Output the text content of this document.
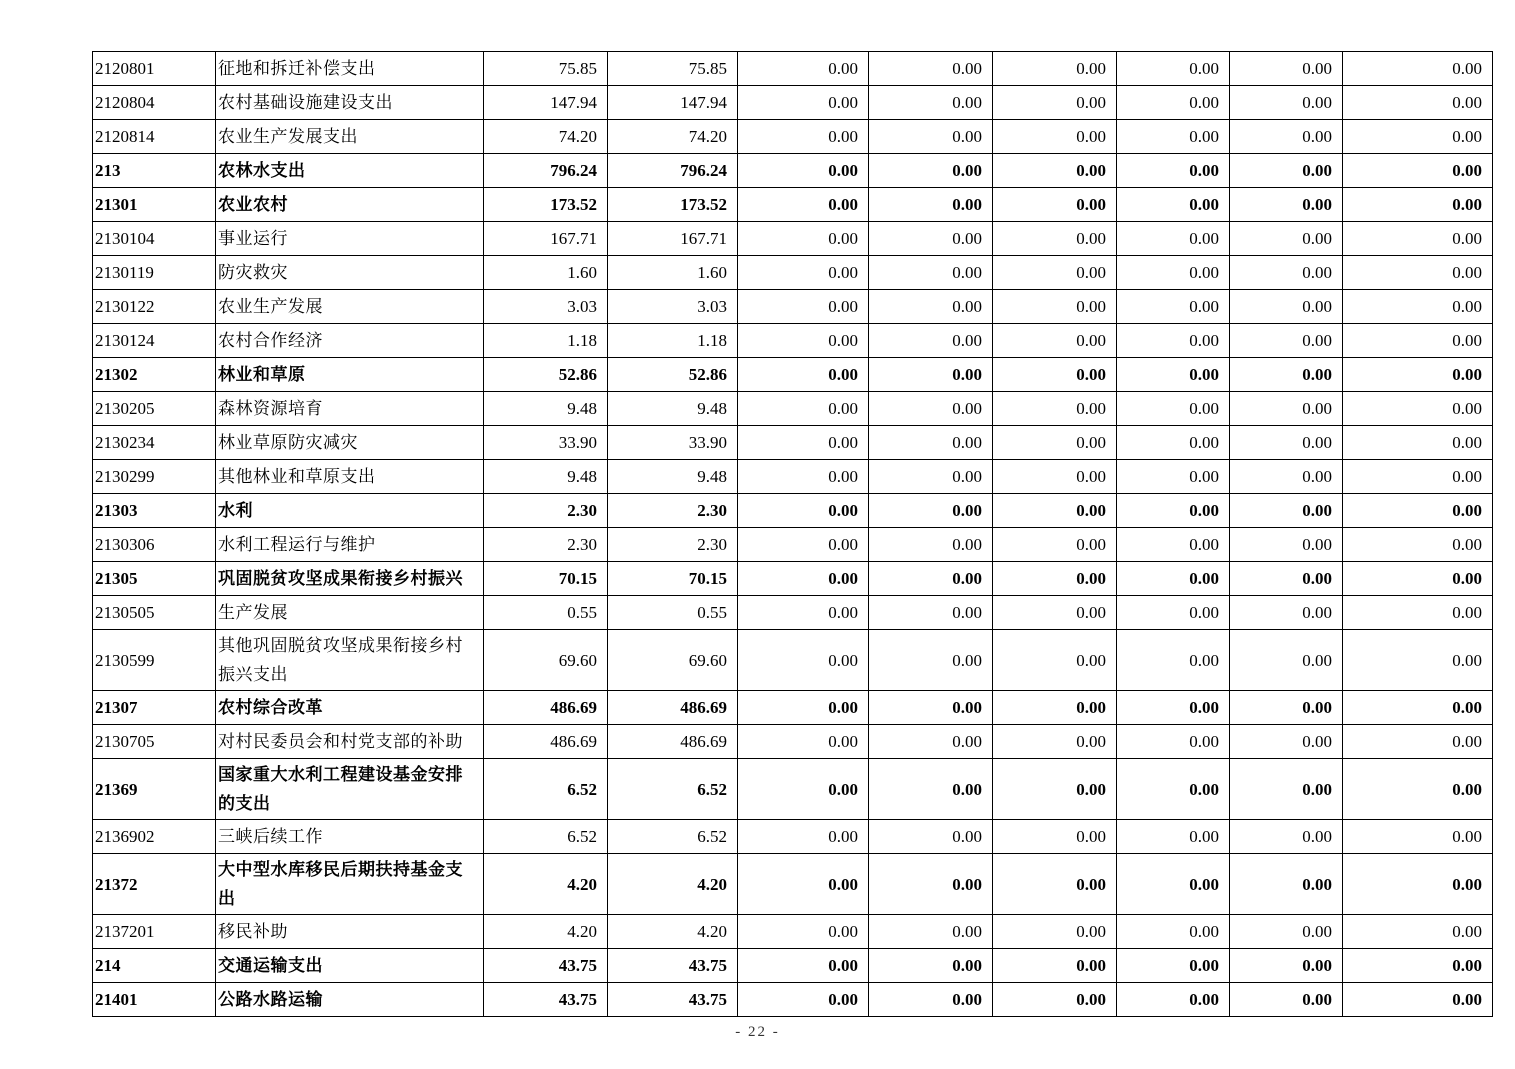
2120801	征地和拆迁补偿支出	75.85	75.85	0.00	0.00	0.00	0.00	0.00	0.00
2120804	农村基础设施建设支出	147.94	147.94	0.00	0.00	0.00	0.00	0.00	0.00
2120814	农业生产发展支出	74.20	74.20	0.00	0.00	0.00	0.00	0.00	0.00
213	农林水支出	796.24	796.24	0.00	0.00	0.00	0.00	0.00	0.00
21301	农业农村	173.52	173.52	0.00	0.00	0.00	0.00	0.00	0.00
2130104	事业运行	167.71	167.71	0.00	0.00	0.00	0.00	0.00	0.00
2130119	防灾救灾	1.60	1.60	0.00	0.00	0.00	0.00	0.00	0.00
2130122	农业生产发展	3.03	3.03	0.00	0.00	0.00	0.00	0.00	0.00
2130124	农村合作经济	1.18	1.18	0.00	0.00	0.00	0.00	0.00	0.00
21302	林业和草原	52.86	52.86	0.00	0.00	0.00	0.00	0.00	0.00
2130205	森林资源培育	9.48	9.48	0.00	0.00	0.00	0.00	0.00	0.00
2130234	林业草原防灾减灾	33.90	33.90	0.00	0.00	0.00	0.00	0.00	0.00
2130299	其他林业和草原支出	9.48	9.48	0.00	0.00	0.00	0.00	0.00	0.00
21303	水利	2.30	2.30	0.00	0.00	0.00	0.00	0.00	0.00
2130306	水利工程运行与维护	2.30	2.30	0.00	0.00	0.00	0.00	0.00	0.00
21305	巩固脱贫攻坚成果衔接乡村振兴	70.15	70.15	0.00	0.00	0.00	0.00	0.00	0.00
2130505	生产发展	0.55	0.55	0.00	0.00	0.00	0.00	0.00	0.00
2130599	其他巩固脱贫攻坚成果衔接乡村振兴支出	69.60	69.60	0.00	0.00	0.00	0.00	0.00	0.00
21307	农村综合改革	486.69	486.69	0.00	0.00	0.00	0.00	0.00	0.00
2130705	对村民委员会和村党支部的补助	486.69	486.69	0.00	0.00	0.00	0.00	0.00	0.00
21369	国家重大水利工程建设基金安排的支出	6.52	6.52	0.00	0.00	0.00	0.00	0.00	0.00
2136902	三峡后续工作	6.52	6.52	0.00	0.00	0.00	0.00	0.00	0.00
21372	大中型水库移民后期扶持基金支出	4.20	4.20	0.00	0.00	0.00	0.00	0.00	0.00
2137201	移民补助	4.20	4.20	0.00	0.00	0.00	0.00	0.00	0.00
214	交通运输支出	43.75	43.75	0.00	0.00	0.00	0.00	0.00	0.00
21401	公路水路运输	43.75	43.75	0.00	0.00	0.00	0.00	0.00	0.00
- 22 -
